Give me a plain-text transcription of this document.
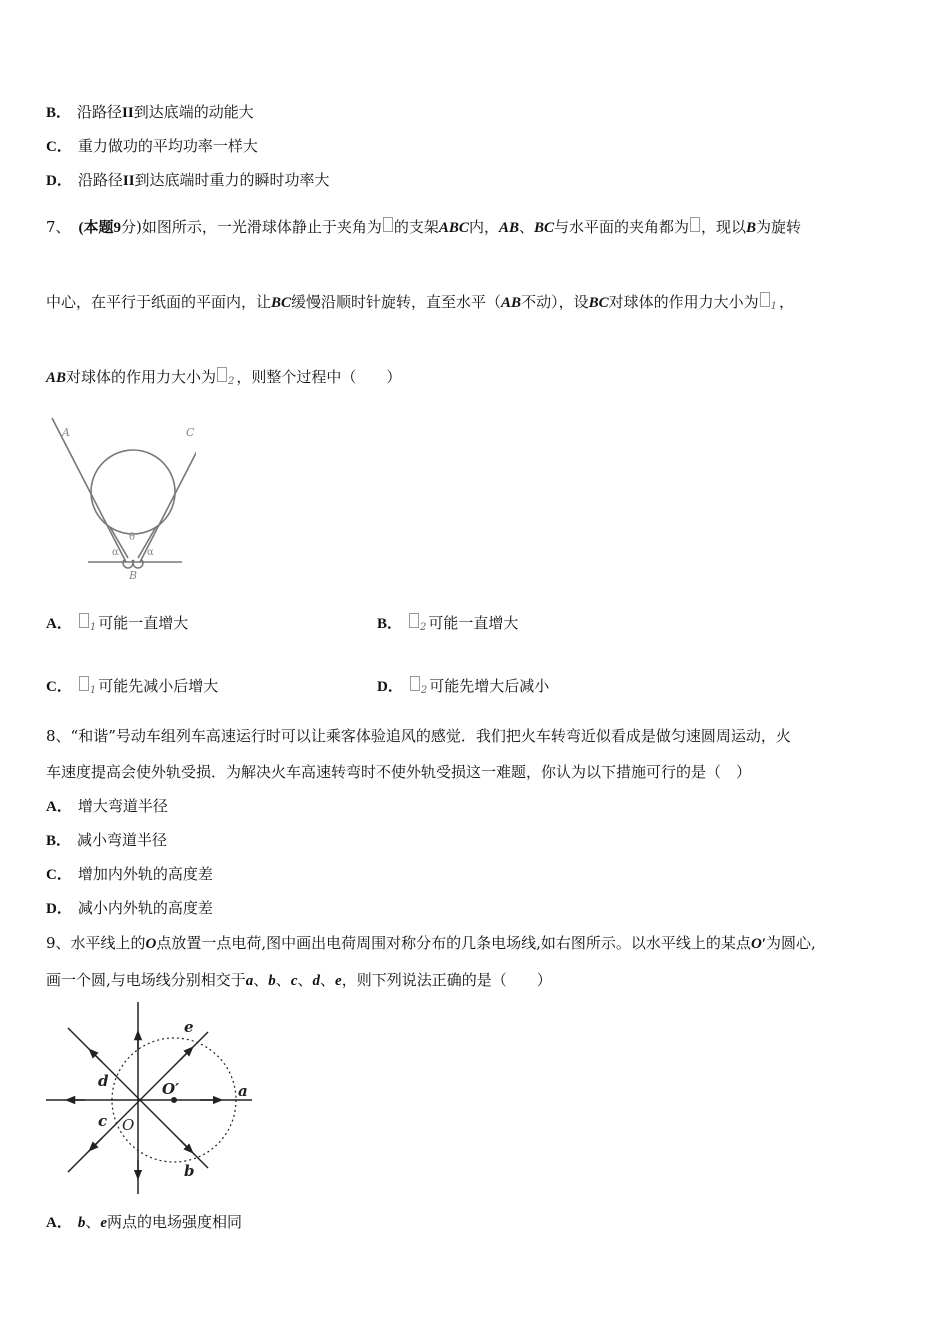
B． 沿路径II到达底端的动能大
C． 重力做功的平均功率一样大
D． 沿路径II到达底端时重力的瞬时功率大
7、 (本题9分)如图所示，一光滑球体静止于夹角为 的支架ABC内，AB、BC与水平面的夹角都为 ，现以B为旋转
中心，在平行于纸面的平面内，让BC缓慢沿顺时针旋转，直至水平（AB不动），设BC对球体的作用力大小为 $_1$ ，
AB对球体的作用力大小为 $_2$ ，则整个过程中（　　）
A	C
θ
α	α
B
A． $_1$ 可能一直增大	B． $_2$ 可能一直增大
C． $_1$ 可能先减小后增大	D． $_2$ 可能先增大后减小
8、“和谐”号动车组列车高速运行时可以让乘客体验追风的感觉．我们把火车转弯近似看成是做匀速圆周运动，火
车速度提高会使外轨受损．为解决火车高速转弯时不使外轨受损这一难题，你认为以下措施可行的是（　）
A． 增大弯道半径
B． 减小弯道半径
C． 增加内外轨的高度差
D． 减小内外轨的高度差
9、水平线上的O点放置一点电荷,图中画出电荷周围对称分布的几条电场线,如右图所示。以水平线上的某点O′为圆心,
画一个圆,与电场线分别相交于a、b、c、d、e，则下列说法正确的是（　　）
a
b
c
d
e
O
O′
A． b、e两点的电场强度相同
